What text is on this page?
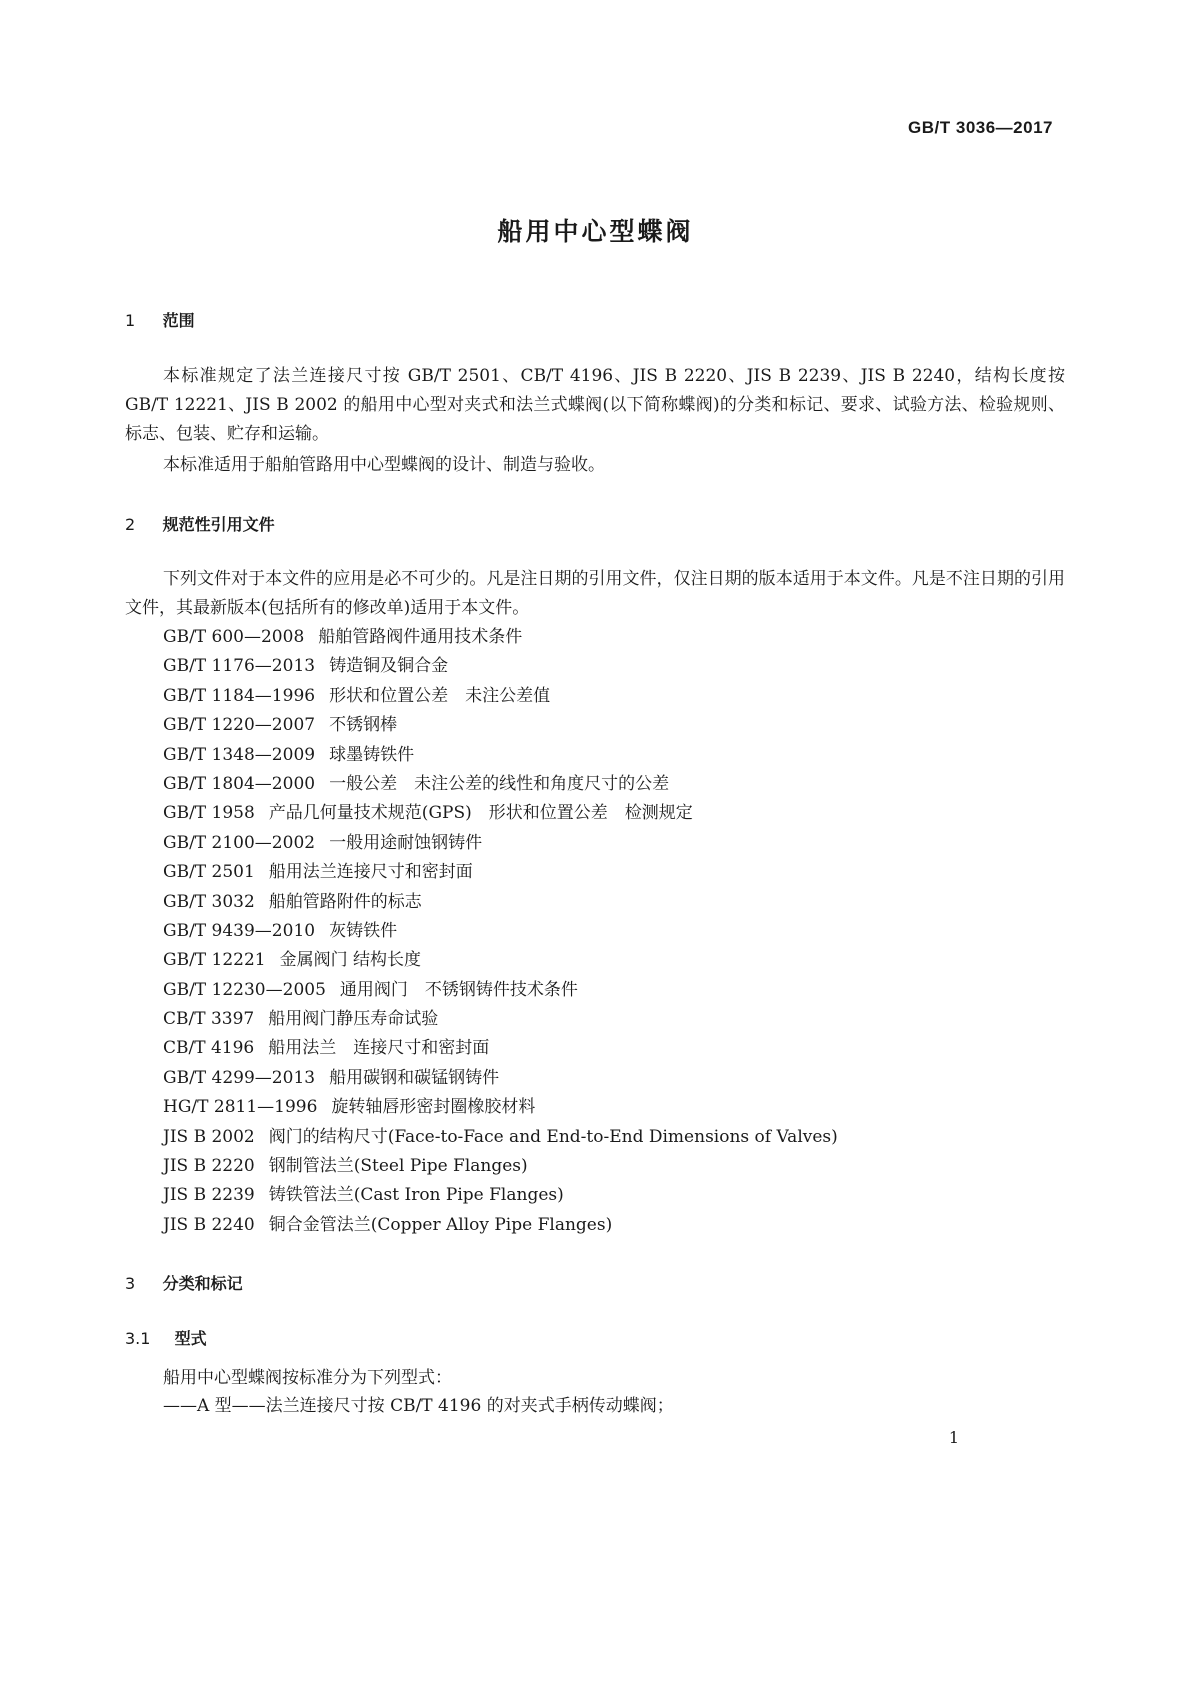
GB/T 3036—2017
船用中心型蝶阀
1 范围
本标准规定了法兰连接尺寸按 GB/T 2501、CB/T 4196、JIS B 2220、JIS B 2239、JIS B 2240，结构长度按 GB/T 12221、JIS B 2002 的船用中心型对夹式和法兰式蝶阀(以下简称蝶阀)的分类和标记、要求、试验方法、检验规则、标志、包装、贮存和运输。
本标准适用于船舶管路用中心型蝶阀的设计、制造与验收。
2 规范性引用文件
下列文件对于本文件的应用是必不可少的。凡是注日期的引用文件，仅注日期的版本适用于本文件。凡是不注日期的引用文件，其最新版本(包括所有的修改单)适用于本文件。
GB/T 600—2008 船舶管路阀件通用技术条件
GB/T 1176—2013 铸造铜及铜合金
GB/T 1184—1996 形状和位置公差　未注公差值
GB/T 1220—2007 不锈钢棒
GB/T 1348—2009 球墨铸铁件
GB/T 1804—2000 一般公差　未注公差的线性和角度尺寸的公差
GB/T 1958 产品几何量技术规范(GPS)　形状和位置公差　检测规定
GB/T 2100—2002 一般用途耐蚀钢铸件
GB/T 2501 船用法兰连接尺寸和密封面
GB/T 3032 船舶管路附件的标志
GB/T 9439—2010 灰铸铁件
GB/T 12221 金属阀门 结构长度
GB/T 12230—2005 通用阀门　不锈钢铸件技术条件
CB/T 3397 船用阀门静压寿命试验
CB/T 4196 船用法兰　连接尺寸和密封面
GB/T 4299—2013 船用碳钢和碳锰钢铸件
HG/T 2811—1996 旋转轴唇形密封圈橡胶材料
JIS B 2002 阀门的结构尺寸(Face-to-Face and End-to-End Dimensions of Valves)
JIS B 2220 钢制管法兰(Steel Pipe Flanges)
JIS B 2239 铸铁管法兰(Cast Iron Pipe Flanges)
JIS B 2240 铜合金管法兰(Copper Alloy Pipe Flanges)
3 分类和标记
3.1 型式
船用中心型蝶阀按标准分为下列型式：
——A 型——法兰连接尺寸按 CB/T 4196 的对夹式手柄传动蝶阀；
1
